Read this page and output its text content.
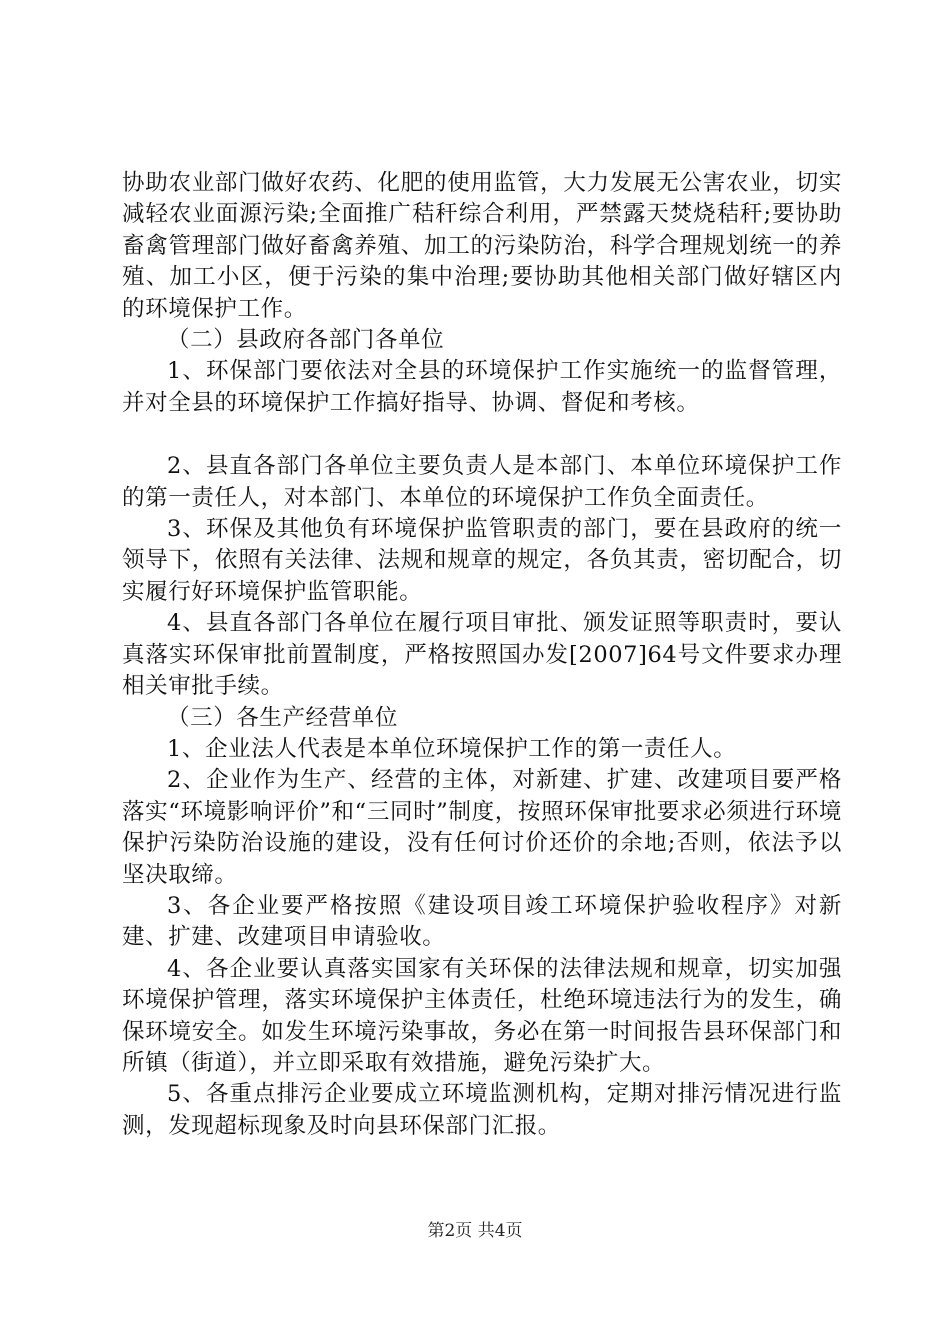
协助农业部门做好农药、化肥的使用监管，大力发展无公害农业，切实减轻农业面源污染;全面推广秸秆综合利用，严禁露天焚烧秸秆;要协助畜禽管理部门做好畜禽养殖、加工的污染防治，科学合理规划统一的养殖、加工小区，便于污染的集中治理;要协助其他相关部门做好辖区内的环境保护工作。

（二）县政府各部门各单位

1、环保部门要依法对全县的环境保护工作实施统一的监督管理，并对全县的环境保护工作搞好指导、协调、督促和考核。

2、县直各部门各单位主要负责人是本部门、本单位环境保护工作的第一责任人，对本部门、本单位的环境保护工作负全面责任。

3、环保及其他负有环境保护监管职责的部门，要在县政府的统一领导下，依照有关法律、法规和规章的规定，各负其责，密切配合，切实履行好环境保护监管职能。

4、县直各部门各单位在履行项目审批、颁发证照等职责时，要认真落实环保审批前置制度，严格按照国办发[2007]64号文件要求办理相关审批手续。

（三）各生产经营单位

1、企业法人代表是本单位环境保护工作的第一责任人。

2、企业作为生产、经营的主体，对新建、扩建、改建项目要严格落实“环境影响评价”和“三同时”制度，按照环保审批要求必须进行环境保护污染防治设施的建设，没有任何讨价还价的余地;否则，依法予以坚决取缔。

3、各企业要严格按照《建设项目竣工环境保护验收程序》对新建、扩建、改建项目申请验收。

4、各企业要认真落实国家有关环保的法律法规和规章，切实加强环境保护管理，落实环境保护主体责任，杜绝环境违法行为的发生，确保环境安全。如发生环境污染事故，务必在第一时间报告县环保部门和所镇（街道），并立即采取有效措施，避免污染扩大。

5、各重点排污企业要成立环境监测机构，定期对排污情况进行监测，发现超标现象及时向县环保部门汇报。

第2页 共4页
